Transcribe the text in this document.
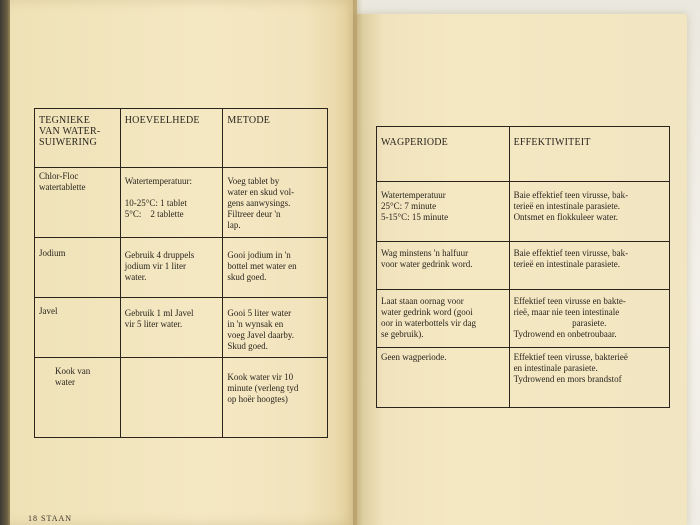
TEGNIEKE
VAN WATER-
SUIWERING	HOEVEELHEDE	METODE

Chlor-Floc
watertablette	Watertemperatuur:

10-25°C: 1 tablet
5°C:    2 tablette	Voeg tablet by
water en skud vol-
gens aanwysings.
Filtreer deur 'n
lap.

Jodium	Gebruik 4 druppels
jodium vir 1 liter
water.	Gooi jodium in 'n
bottel met water en
skud goed.

Javel	Gebruik 1 ml Javel
vir 5 liter water.	Gooi 5 liter water
in 'n wynsak en
voeg Javel daarby.
Skud goed.

Kook van
water		Kook water vir 10
minute (verleng tyd
op hoër hoogtes)
WAGPERIODE	EFFEKTIWITEIT

Watertemperatuur
25°C: 7 minute
5-15°C: 15 minute	Baie effektief teen virusse, bak-
terieë en intestinale parasiete.
Ontsmet en flokkuleer water.

Wag minstens 'n halfuur
voor water gedrink word.	Baie effektief teen virusse, bak-
terieë en intestinale parasiete.

Laat staan oornag voor
water gedrink word (gooi
oor in waterbottels vir dag
se gebruik).	Effektief teen virusse en bakte-
rieë, maar nie teen intestinale
parasiete.
Tydrowend en onbetroubaar.

Geen wagperiode.	Effektief teen virusse, bakterieë
en intestinale parasiete.
Tydrowend en mors brandstof
18 STAAN
